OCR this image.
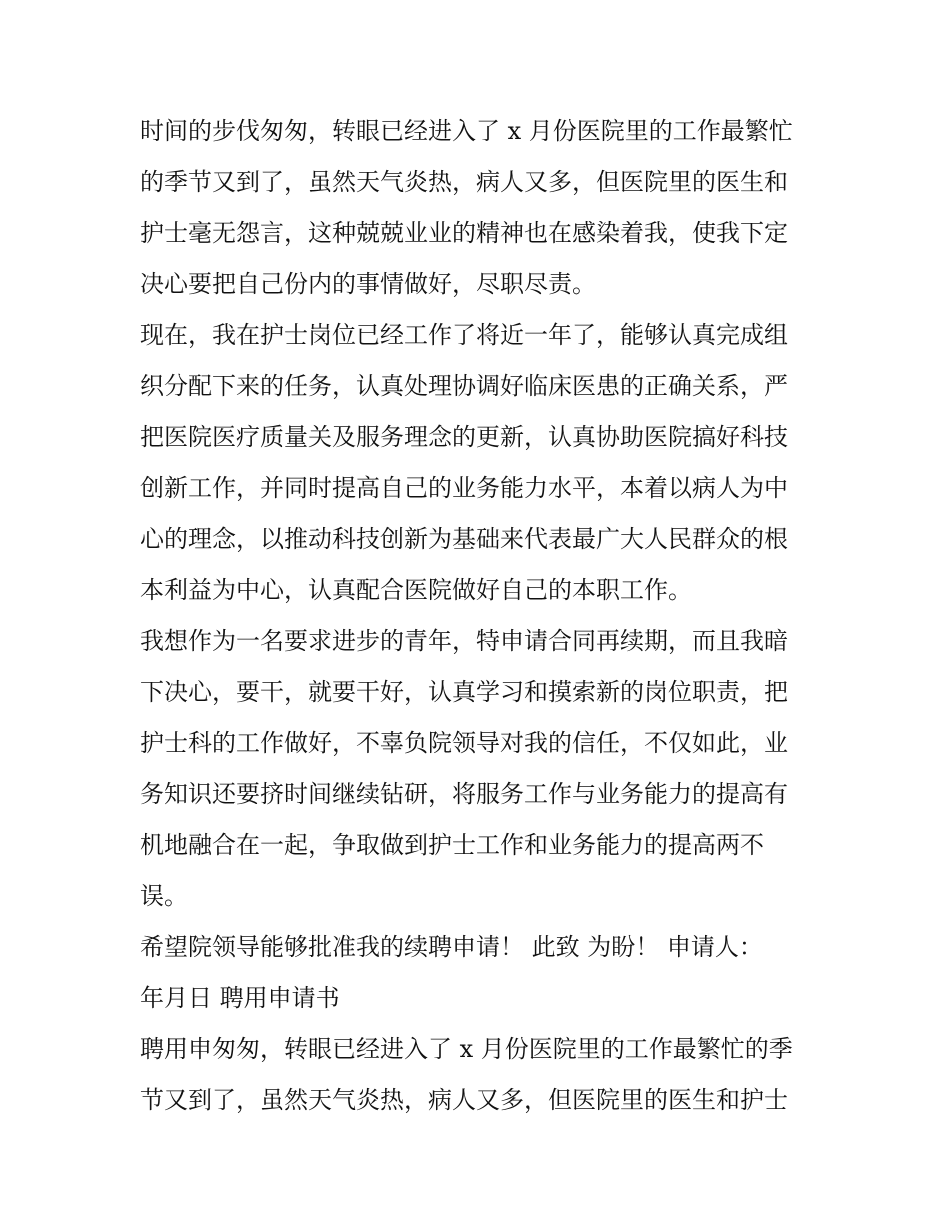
时间的步伐匆匆，转眼已经进入了 x 月份医院里的工作最繁忙
的季节又到了，虽然天气炎热，病人又多，但医院里的医生和
护士毫无怨言，这种兢兢业业的精神也在感染着我，使我下定
决心要把自己份内的事情做好，尽职尽责。
现在，我在护士岗位已经工作了将近一年了，能够认真完成组
织分配下来的任务，认真处理协调好临床医患的正确关系，严
把医院医疗质量关及服务理念的更新，认真协助医院搞好科技
创新工作，并同时提高自己的业务能力水平，本着以病人为中
心的理念，以推动科技创新为基础来代表最广大人民群众的根
本利益为中心，认真配合医院做好自己的本职工作。
我想作为一名要求进步的青年，特申请合同再续期，而且我暗
下决心，要干，就要干好，认真学习和摸索新的岗位职责，把
护士科的工作做好，不辜负院领导对我的信任，不仅如此，业
务知识还要挤时间继续钻研，将服务工作与业务能力的提高有
机地融合在一起，争取做到护士工作和业务能力的提高两不
误。
希望院领导能够批准我的续聘申请！ 此致 为盼！ 申请人：
年月日 聘用申请书
聘用申匆匆，转眼已经进入了 x 月份医院里的工作最繁忙的季
节又到了，虽然天气炎热，病人又多，但医院里的医生和护士
